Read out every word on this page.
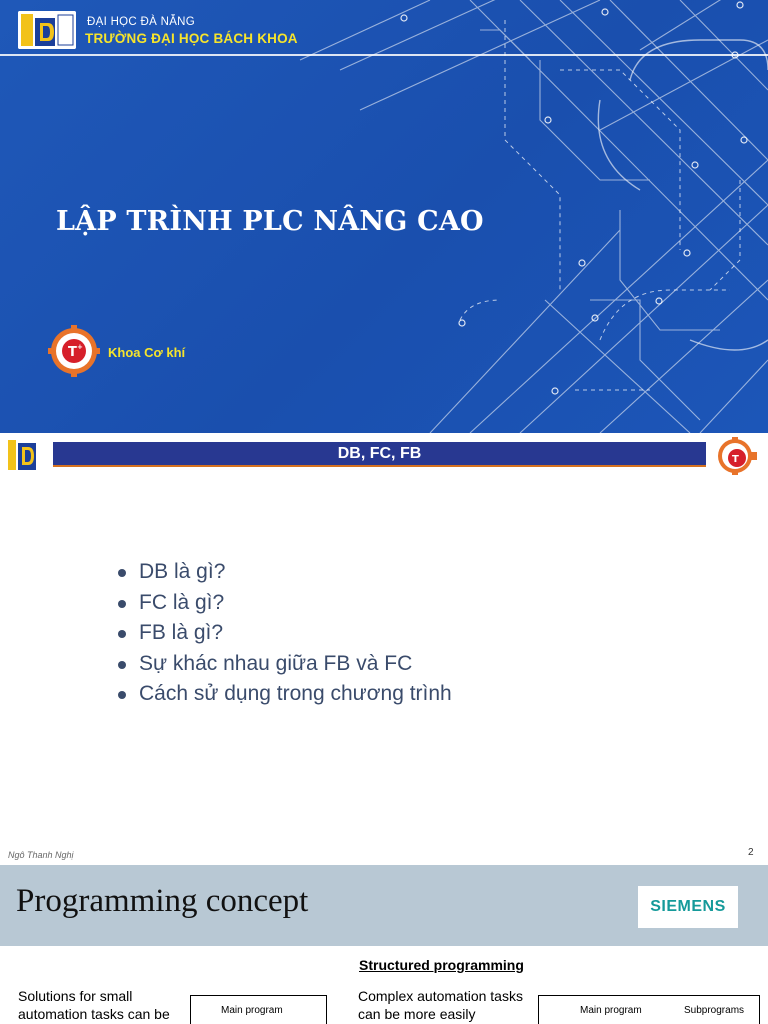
ĐẠI HỌC ĐÀ NẴNG
TRƯỜNG ĐẠI HỌC BÁCH KHOA
LẬP TRÌNH PLC NÂNG CAO
T + Khoa Cơ khí
DB, FC, FB	T
DB là gì?
FC là gì?
FB là gì?
Sự khác nhau giữa FB và FC
Cách sử dụng trong chương trình
Ngô Thanh Nghị	2
Programming concept	SIEMENS
Structured programming
Solutions for small automation tasks can be	Main program
Complex automation tasks can be more easily	Main program	Subprograms
